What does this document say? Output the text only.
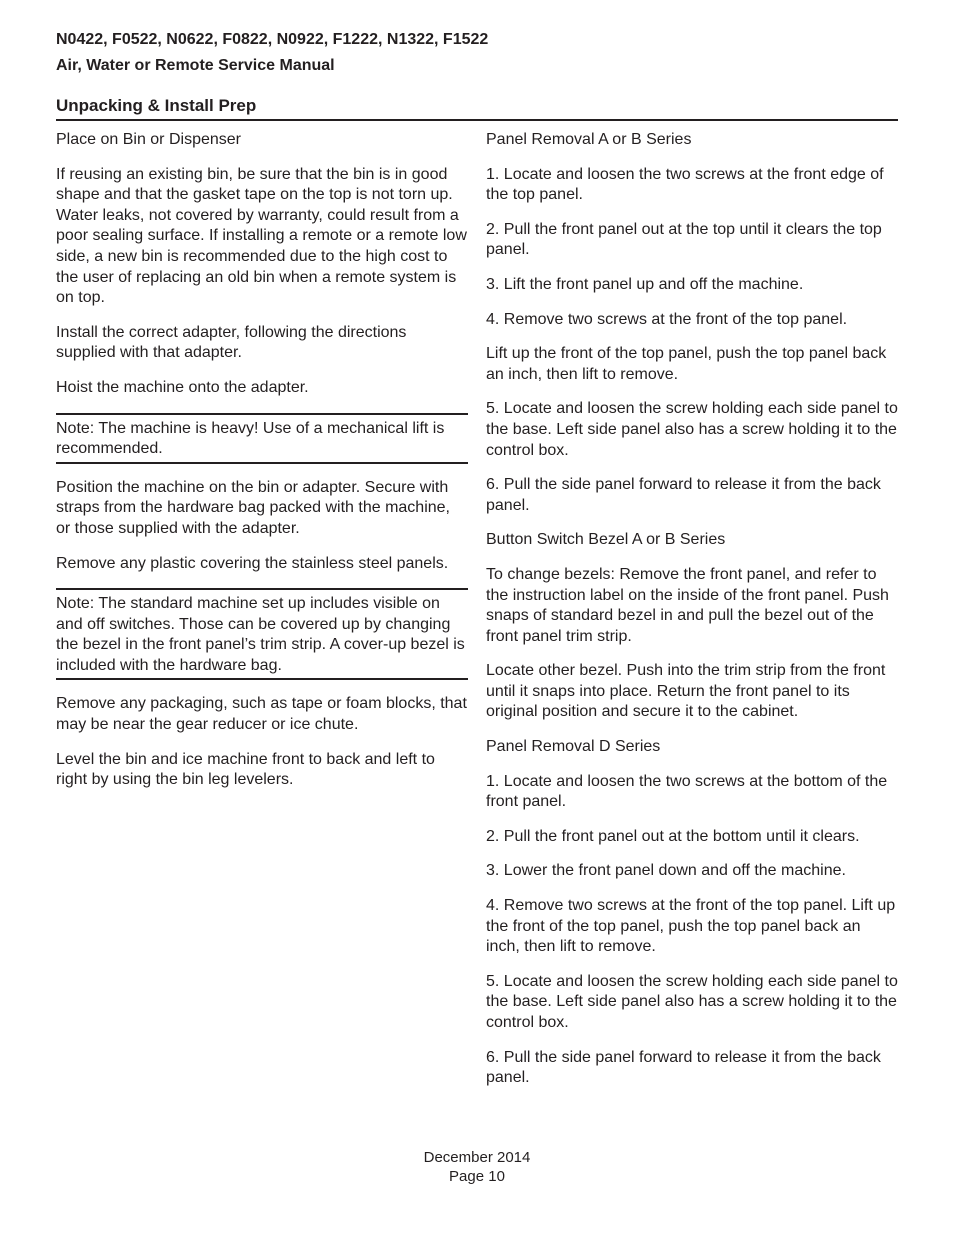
N0422, F0522, N0622, F0822, N0922, F1222, N1322, F1522
Air, Water or Remote Service Manual
Unpacking & Install Prep

Place on Bin or Dispenser

If reusing an existing bin, be sure that the bin is in good shape and that the gasket tape on the top is not torn up. Water leaks, not covered by warranty, could result from a poor sealing surface. If installing a remote or a remote low side, a new bin is recommended due to the high cost to the user of replacing an old bin when a remote system is on top.

Install the correct adapter, following the directions supplied with that adapter.

Hoist the machine onto the adapter.

Note: The machine is heavy! Use of a mechanical lift is recommended.

Position the machine on the bin or adapter. Secure with straps from the hardware bag packed with the machine, or those supplied with the adapter.

Remove any plastic covering the stainless steel panels.

Note: The standard machine set up includes visible on and off switches. Those can be covered up by changing the bezel in the front panel’s trim strip. A cover-up bezel is included with the hardware bag.

Remove any packaging, such as tape or foam blocks, that may be near the gear reducer or ice chute.

Level the bin and ice machine front to back and left to right by using the bin leg levelers.

Panel Removal A or B Series

1. Locate and loosen the two screws at the front edge of the top panel.

2. Pull the front panel out at the top until it clears the top panel.

3. Lift the front panel up and off the machine.

4. Remove two screws at the front of the top panel.

Lift up the front of the top panel, push the top panel back an inch, then lift to remove.

5. Locate and loosen the screw holding each side panel to the base. Left side panel also has a screw holding it to the control box.

6. Pull the side panel forward to release it from the back panel.

Button Switch Bezel A or B Series

To change bezels: Remove the front panel, and refer to the instruction label on the inside of the front panel. Push snaps of standard bezel in and pull the bezel out of the front panel trim strip.

Locate other bezel. Push into the trim strip from the front until it snaps into place. Return the front panel to its original position and secure it to the cabinet.

Panel Removal D Series

1. Locate and loosen the two screws at the bottom of the front panel.

2. Pull the front panel out at the bottom until it clears.

3. Lower the front panel down and off the machine.

4. Remove two screws at the front of the top panel. Lift up the front of the top panel, push the top panel back an inch, then lift to remove.

5. Locate and loosen the screw holding each side panel to the base. Left side panel also has a screw holding it to the control box.

6. Pull the side panel forward to release it from the back panel.

December 2014
Page 10
